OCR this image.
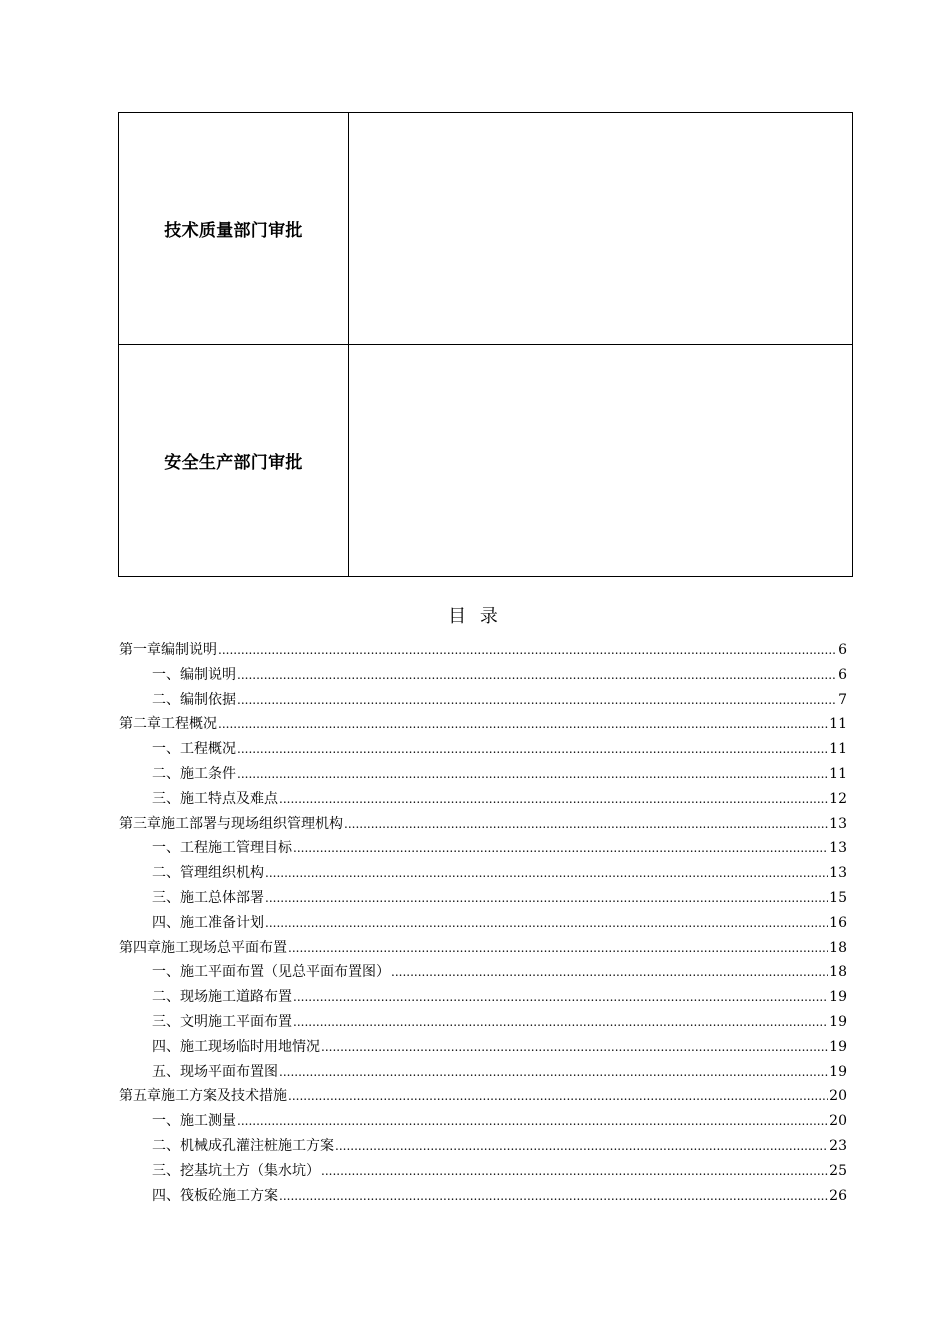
技术质量部门审批	
安全生产部门审批	
目 录
第一章编制说明 .....	6
一、编制说明 .....	6
二、编制依据 .....	7
第二章工程概况 .....	11
一、工程概况 .....	11
二、施工条件 .....	11
三、施工特点及难点 .....	12
第三章施工部署与现场组织管理机构 .....	13
一、工程施工管理目标 .....	13
二、管理组织机构 .....	13
三、施工总体部署 .....	15
四、施工准备计划 .....	16
第四章施工现场总平面布置 .....	18
一、施工平面布置（见总平面布置图） .....	18
二、现场施工道路布置 .....	19
三、文明施工平面布置 .....	19
四、施工现场临时用地情况 .....	19
五、现场平面布置图 .....	19
第五章施工方案及技术措施 .....	20
一、施工测量 .....	20
二、机械成孔灌注桩施工方案 .....	23
三、挖基坑土方（集水坑） .....	25
四、筏板砼施工方案 .....	26
